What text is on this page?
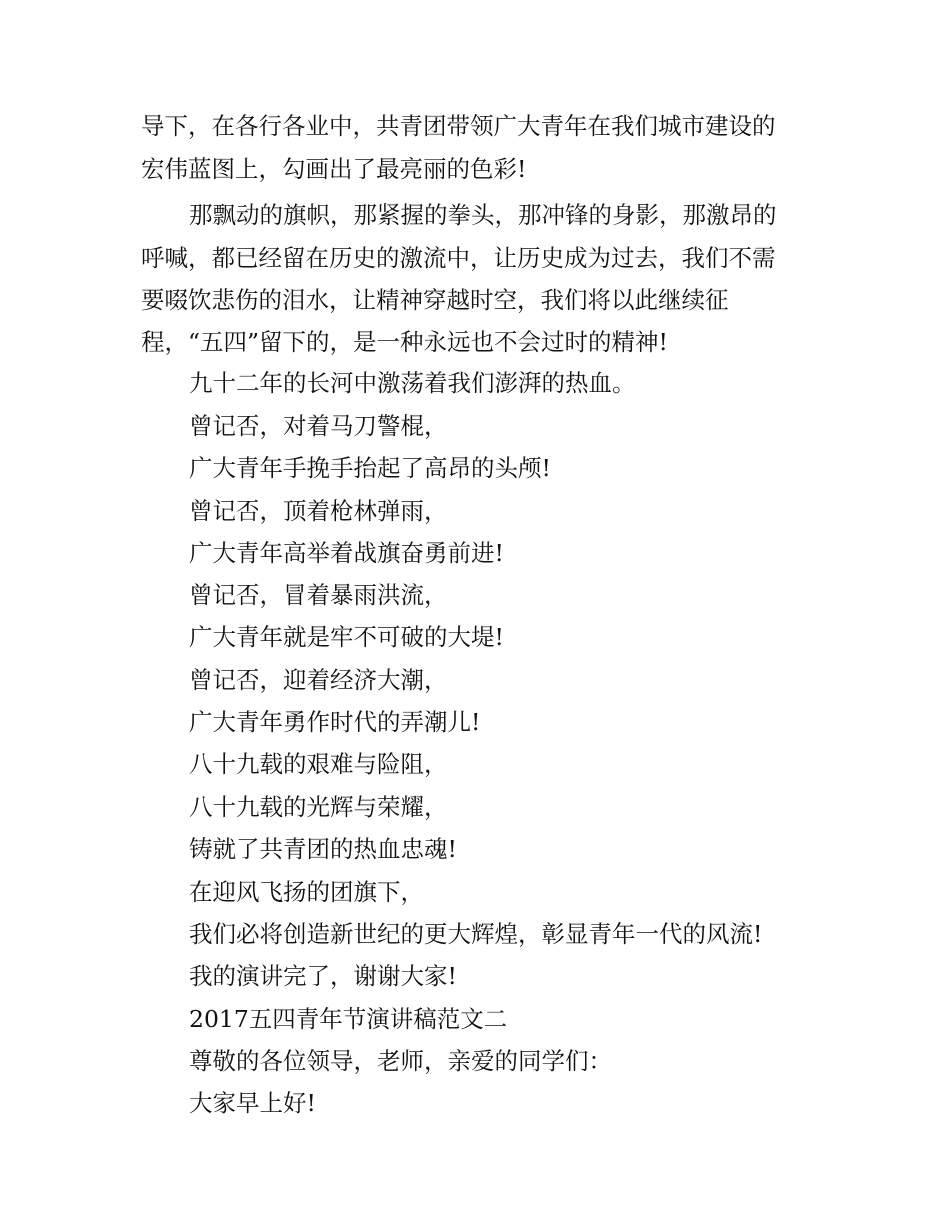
导下，在各行各业中，共青团带领广大青年在我们城市建设的
宏伟蓝图上，勾画出了最亮丽的色彩!
那飘动的旗帜，那紧握的拳头，那冲锋的身影，那激昂的
呼喊，都已经留在历史的激流中，让历史成为过去，我们不需
要啜饮悲伤的泪水，让精神穿越时空，我们将以此继续征
程，“五四”留下的，是一种永远也不会过时的精神!
九十二年的长河中激荡着我们澎湃的热血。
曾记否，对着马刀警棍，
广大青年手挽手抬起了高昂的头颅!
曾记否，顶着枪林弹雨，
广大青年高举着战旗奋勇前进!
曾记否，冒着暴雨洪流，
广大青年就是牢不可破的大堤!
曾记否，迎着经济大潮，
广大青年勇作时代的弄潮儿!
八十九载的艰难与险阻，
八十九载的光辉与荣耀，
铸就了共青团的热血忠魂!
在迎风飞扬的团旗下，
我们必将创造新世纪的更大辉煌，彰显青年一代的风流!
我的演讲完了，谢谢大家!
2017五四青年节演讲稿范文二
尊敬的各位领导，老师，亲爱的同学们：
大家早上好!
